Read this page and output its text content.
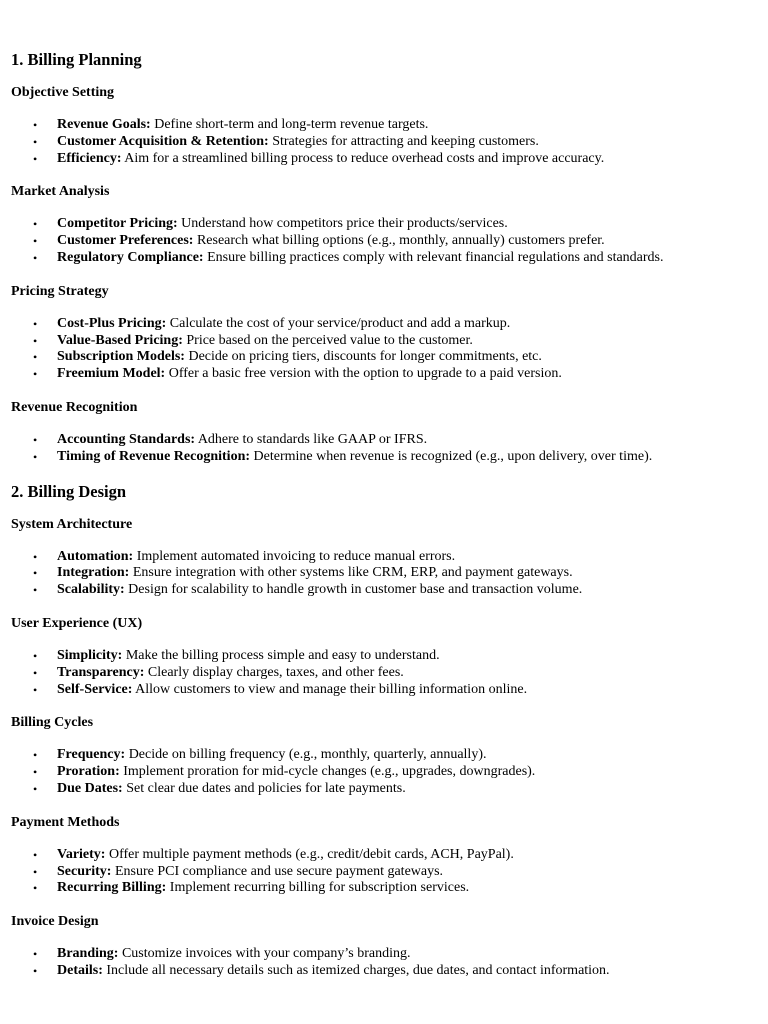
1. Billing Planning
Objective Setting
• Revenue Goals: Define short-term and long-term revenue targets.
• Customer Acquisition & Retention: Strategies for attracting and keeping customers.
• Efficiency: Aim for a streamlined billing process to reduce overhead costs and improve accuracy.
Market Analysis
• Competitor Pricing: Understand how competitors price their products/services.
• Customer Preferences: Research what billing options (e.g., monthly, annually) customers prefer.
• Regulatory Compliance: Ensure billing practices comply with relevant financial regulations and standards.
Pricing Strategy
• Cost-Plus Pricing: Calculate the cost of your service/product and add a markup.
• Value-Based Pricing: Price based on the perceived value to the customer.
• Subscription Models: Decide on pricing tiers, discounts for longer commitments, etc.
• Freemium Model: Offer a basic free version with the option to upgrade to a paid version.
Revenue Recognition
• Accounting Standards: Adhere to standards like GAAP or IFRS.
• Timing of Revenue Recognition: Determine when revenue is recognized (e.g., upon delivery, over time).
2. Billing Design
System Architecture
• Automation: Implement automated invoicing to reduce manual errors.
• Integration: Ensure integration with other systems like CRM, ERP, and payment gateways.
• Scalability: Design for scalability to handle growth in customer base and transaction volume.
User Experience (UX)
• Simplicity: Make the billing process simple and easy to understand.
• Transparency: Clearly display charges, taxes, and other fees.
• Self-Service: Allow customers to view and manage their billing information online.
Billing Cycles
• Frequency: Decide on billing frequency (e.g., monthly, quarterly, annually).
• Proration: Implement proration for mid-cycle changes (e.g., upgrades, downgrades).
• Due Dates: Set clear due dates and policies for late payments.
Payment Methods
• Variety: Offer multiple payment methods (e.g., credit/debit cards, ACH, PayPal).
• Security: Ensure PCI compliance and use secure payment gateways.
• Recurring Billing: Implement recurring billing for subscription services.
Invoice Design
• Branding: Customize invoices with your company’s branding.
• Details: Include all necessary details such as itemized charges, due dates, and contact information.
